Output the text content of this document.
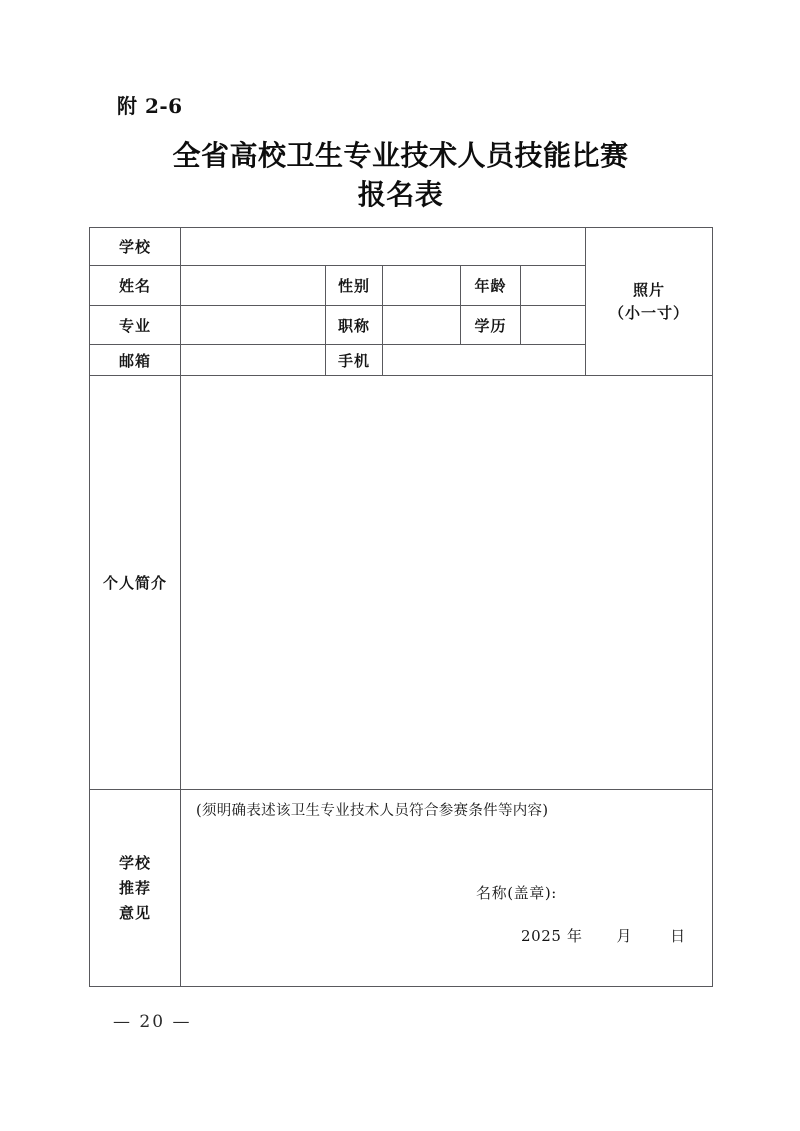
附 2-6
全省高校卫生专业技术人员技能比赛
报名表
学校						照片
（小一寸）

姓名		性别		年龄		
专业		职称		学历		
邮箱		手机				
个人简介						

学校
推荐
意见	(须明确表述该卫生专业技术人员符合参赛条件等内容)
名称(盖章):
2025 年 月 日					
— 20 —
